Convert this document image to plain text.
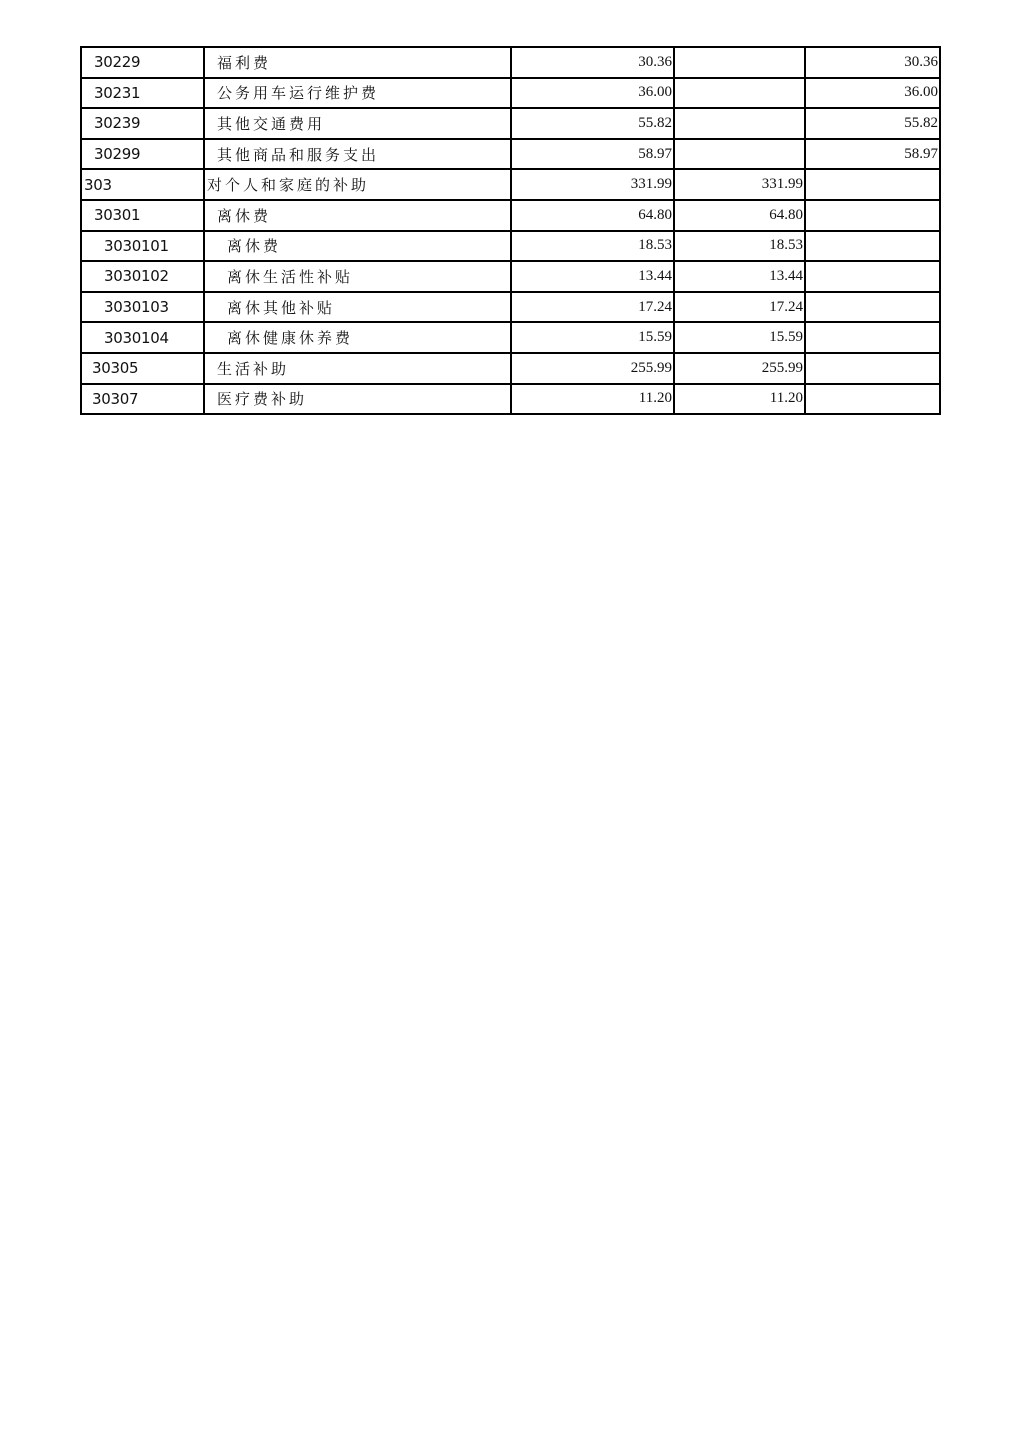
30229	福利费	30.36		30.36
30231	公务用车运行维护费	36.00		36.00
30239	其他交通费用	55.82		55.82
30299	其他商品和服务支出	58.97		58.97
303	对个人和家庭的补助	331.99	331.99	
30301	离休费	64.80	64.80	
3030101	离休费	18.53	18.53	
3030102	离休生活性补贴	13.44	13.44	
3030103	离休其他补贴	17.24	17.24	
3030104	离休健康休养费	15.59	15.59	
30305	生活补助	255.99	255.99	
30307	医疗费补助	11.20	11.20	
